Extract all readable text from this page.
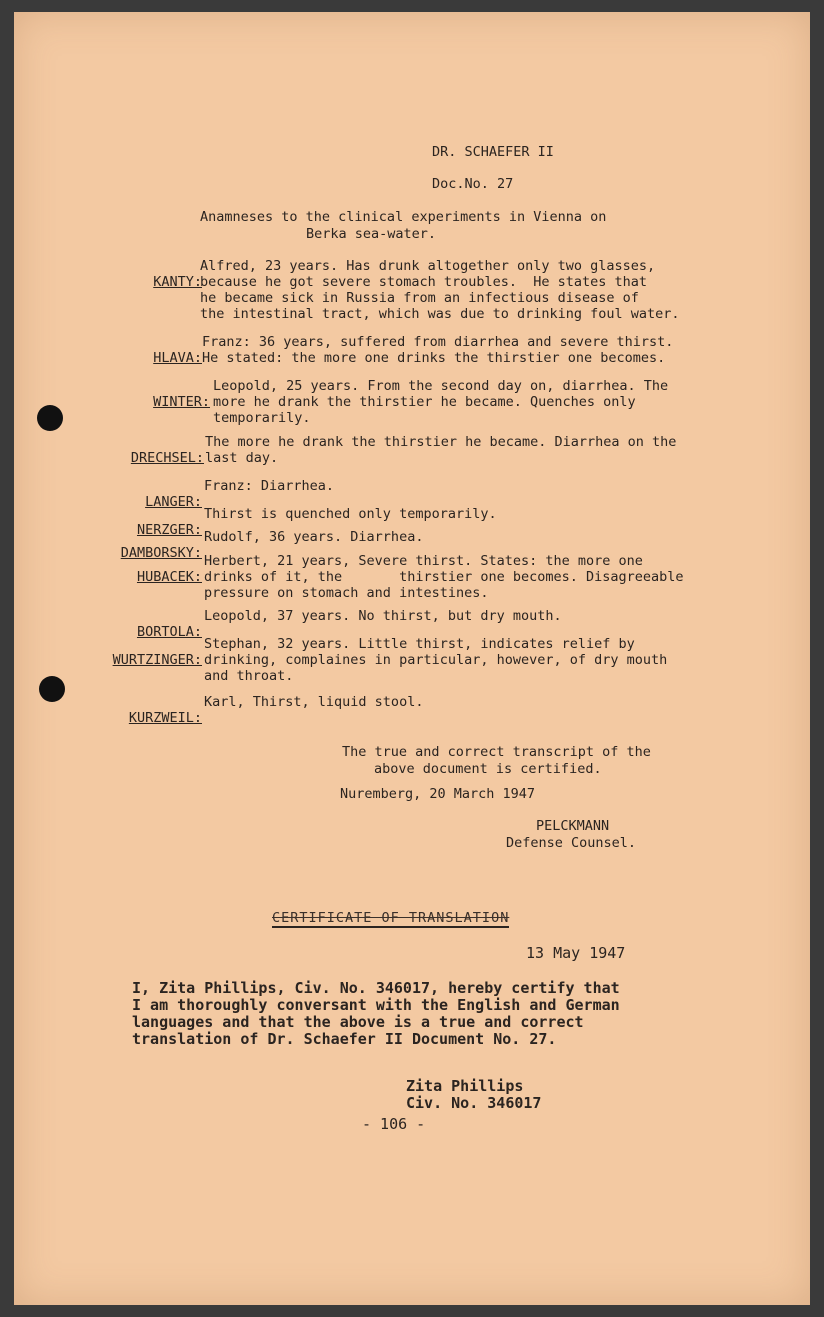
DR. SCHAEFER II
Doc.No. 27
Anamneses to the clinical experiments in Vienna on
Berka sea-water.

KANTY:

Alfred, 23 years. Has drunk altogether only two glasses,

because he got severe stomach troubles.  He states that

he became sick in Russia from an infectious disease of

the intestinal tract, which was due to drinking foul water.

HLAVA:

Franz: 36 years, suffered from diarrhea and severe thirst.

He stated: the more one drinks the thirstier one becomes.

WINTER:

Leopold, 25 years. From the second day on, diarrhea. The

more he drank the thirstier he became. Quenches only

temporarily.

DRECHSEL:

The more he drank the thirstier he became. Diarrhea on the

last day.

LANGER:

Franz: Diarrhea.

NERZGER:

Thirst is quenched only temporarily.

DAMBORSKY:

Rudolf, 36 years. Diarrhea.

HUBACEK:

Herbert, 21 years, Severe thirst. States: the more one

drinks of it, the       thirstier one becomes. Disagreeable

pressure on stomach and intestines.

BORTOLA:

Leopold, 37 years. No thirst, but dry mouth.

WURTZINGER:

Stephan, 32 years. Little thirst, indicates relief by

drinking, complaines in particular, however, of dry mouth

and throat.

KURZWEIL:

Karl, Thirst, liquid stool.

The true and correct transcript of the
above document is certified.
Nuremberg, 20 March 1947
PELCKMANN
Defense Counsel.
CERTIFICATE OF TRANSLATION
13 May 1947
I, Zita Phillips, Civ. No. 346017, hereby certify that
I am thoroughly conversant with the English and German
languages and that the above is a true and correct
translation of Dr. Schaefer II Document No. 27.
Zita Phillips
Civ. No. 346017
- 106 -
